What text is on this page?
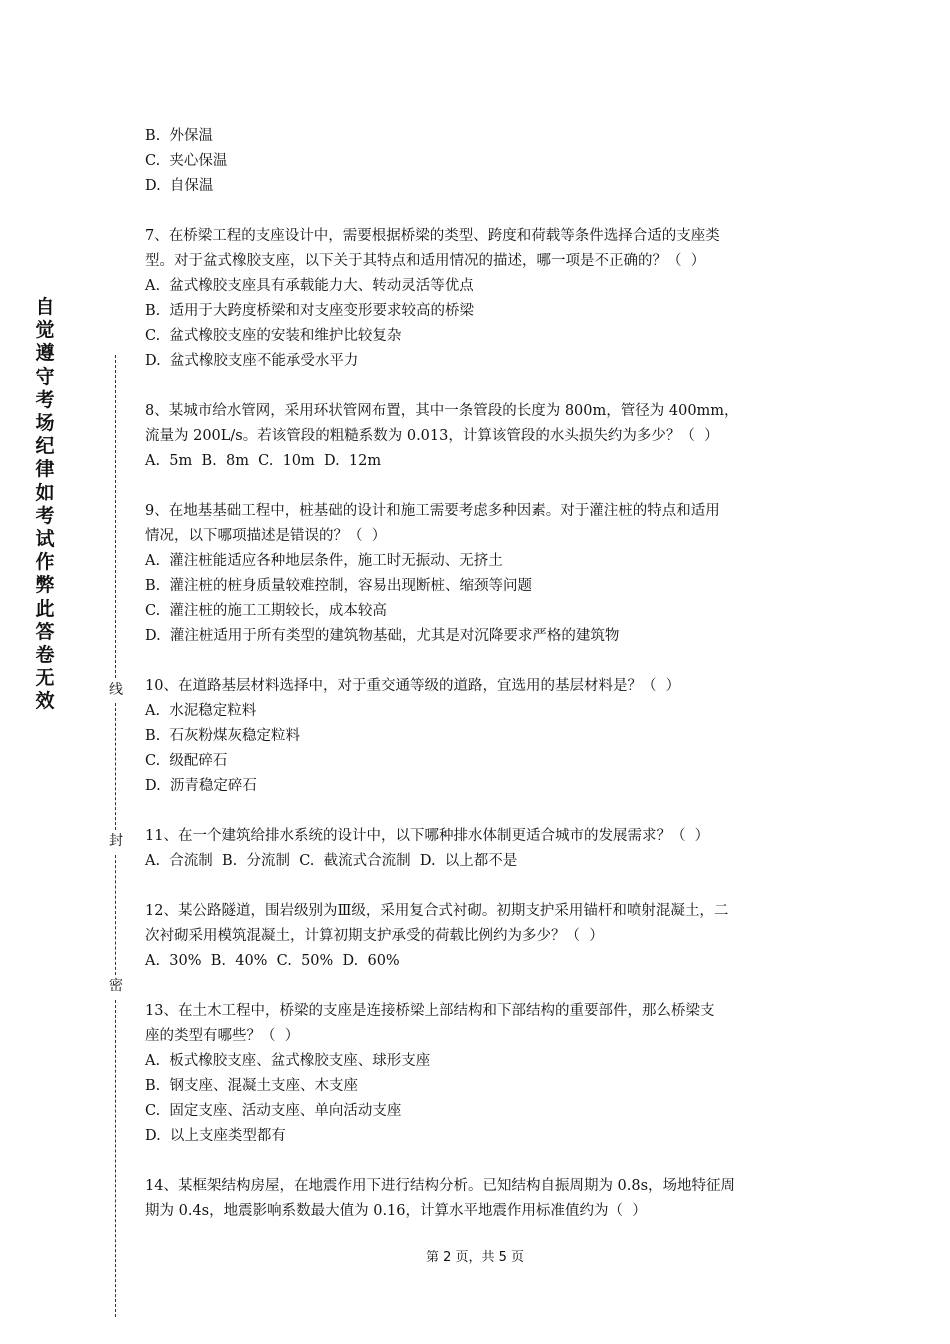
自觉遵守考场纪律如考试作弊此答卷无效
线
封
密

B.  外保温

C.  夹心保温

D.  自保温

7、在桥梁工程的支座设计中，需要根据桥梁的类型、跨度和荷载等条件选择合适的支座类

型。对于盆式橡胶支座，以下关于其特点和适用情况的描述，哪一项是不正确的？（  ）

A.  盆式橡胶支座具有承载能力大、转动灵活等优点

B.  适用于大跨度桥梁和对支座变形要求较高的桥梁

C.  盆式橡胶支座的安装和维护比较复杂

D.  盆式橡胶支座不能承受水平力

8、某城市给水管网，采用环状管网布置，其中一条管段的长度为 800m，管径为 400mm，

流量为 200L/s。若该管段的粗糙系数为 0.013，计算该管段的水头损失约为多少？（  ）

A.  5m  B.  8m  C.  10m  D.  12m

9、在地基基础工程中，桩基础的设计和施工需要考虑多种因素。对于灌注桩的特点和适用

情况，以下哪项描述是错误的？（  ）

A.  灌注桩能适应各种地层条件，施工时无振动、无挤土

B.  灌注桩的桩身质量较难控制，容易出现断桩、缩颈等问题

C.  灌注桩的施工工期较长，成本较高

D.  灌注桩适用于所有类型的建筑物基础，尤其是对沉降要求严格的建筑物

10、在道路基层材料选择中，对于重交通等级的道路，宜选用的基层材料是？（  ）

A.  水泥稳定粒料

B.  石灰粉煤灰稳定粒料

C.  级配碎石

D.  沥青稳定碎石

11、在一个建筑给排水系统的设计中，以下哪种排水体制更适合城市的发展需求？（  ）

A.  合流制  B.  分流制  C.  截流式合流制  D.  以上都不是

12、某公路隧道，围岩级别为Ⅲ级，采用复合式衬砌。初期支护采用锚杆和喷射混凝土，二

次衬砌采用模筑混凝土，计算初期支护承受的荷载比例约为多少？（  ）

A.  30%  B.  40%  C.  50%  D.  60%

13、在土木工程中，桥梁的支座是连接桥梁上部结构和下部结构的重要部件，那么桥梁支

座的类型有哪些？（  ）

A.  板式橡胶支座、盆式橡胶支座、球形支座

B.  钢支座、混凝土支座、木支座

C.  固定支座、活动支座、单向活动支座

D.  以上支座类型都有

14、某框架结构房屋，在地震作用下进行结构分析。已知结构自振周期为 0.8s，场地特征周

期为 0.4s，地震影响系数最大值为 0.16，计算水平地震作用标准值约为（  ）

第 2 页，共 5 页
